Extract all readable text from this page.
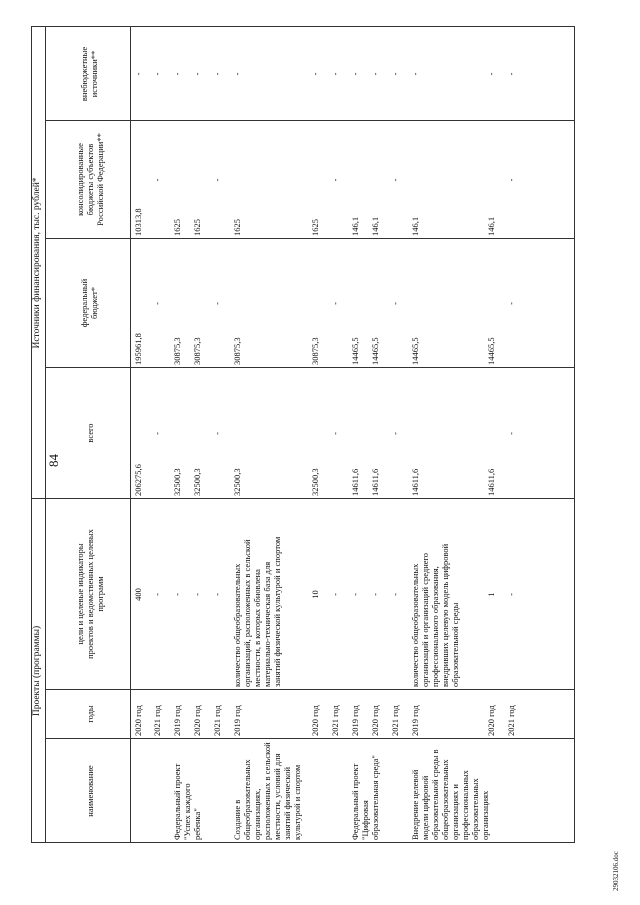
84
29032106.doc
Проекты (программы)
Источники финансирования, тыс. рублей*
наименование
годы
цели и целевые индикаторы
проектов и ведомственных целевых
программ
всего
федеральный
бюджет*
консолидированные
бюджеты субъектов
Российской Федерации**
внебюджетные
источники**
2020 год
400
206275,6
195961,8
10313,8
-
2021 год
-
-
-
-
-
Федеральный проект "Успех каждого
ребенка"
2019 год
-
32500,3
30875,3
1625
-
2020 год
-
32500,3
30875,3
1625
-
2021 год
-
-
-
-
-
Создание в общеобразовательных
организациях, расположенных в сельской
местности, условий для занятий физической
культурой и спортом
2019 год
количество общеобразовательных
организаций, расположенных в сельской
местности, в которых обновлена
материально-техническая база для
занятий физической культурой и спортом
32500,3
30875,3
1625
-
2020 год
10
32500,3
30875,3
1625
-
2021 год
-
-
-
-
-
Федеральный проект "Цифровая
образовательная среда"
2019 год
-
14611,6
14465,5
146,1
-
2020 год
-
14611,6
14465,5
146,1
-
2021 год
-
-
-
-
-
Внедрение целевой модели цифровой
образовательной среды в
общеобразовательных организациях и
профессиональных образовательных
организациях
2019 год
количество общеобразовательных
организаций и организаций среднего
профессионального образования,
внедривших целевую модель цифровой
образовательной среды
14611,6
14465,5
146,1
-
2020 год
1
14611,6
14465,5
146,1
-
2021 год
-
-
-
-
-
